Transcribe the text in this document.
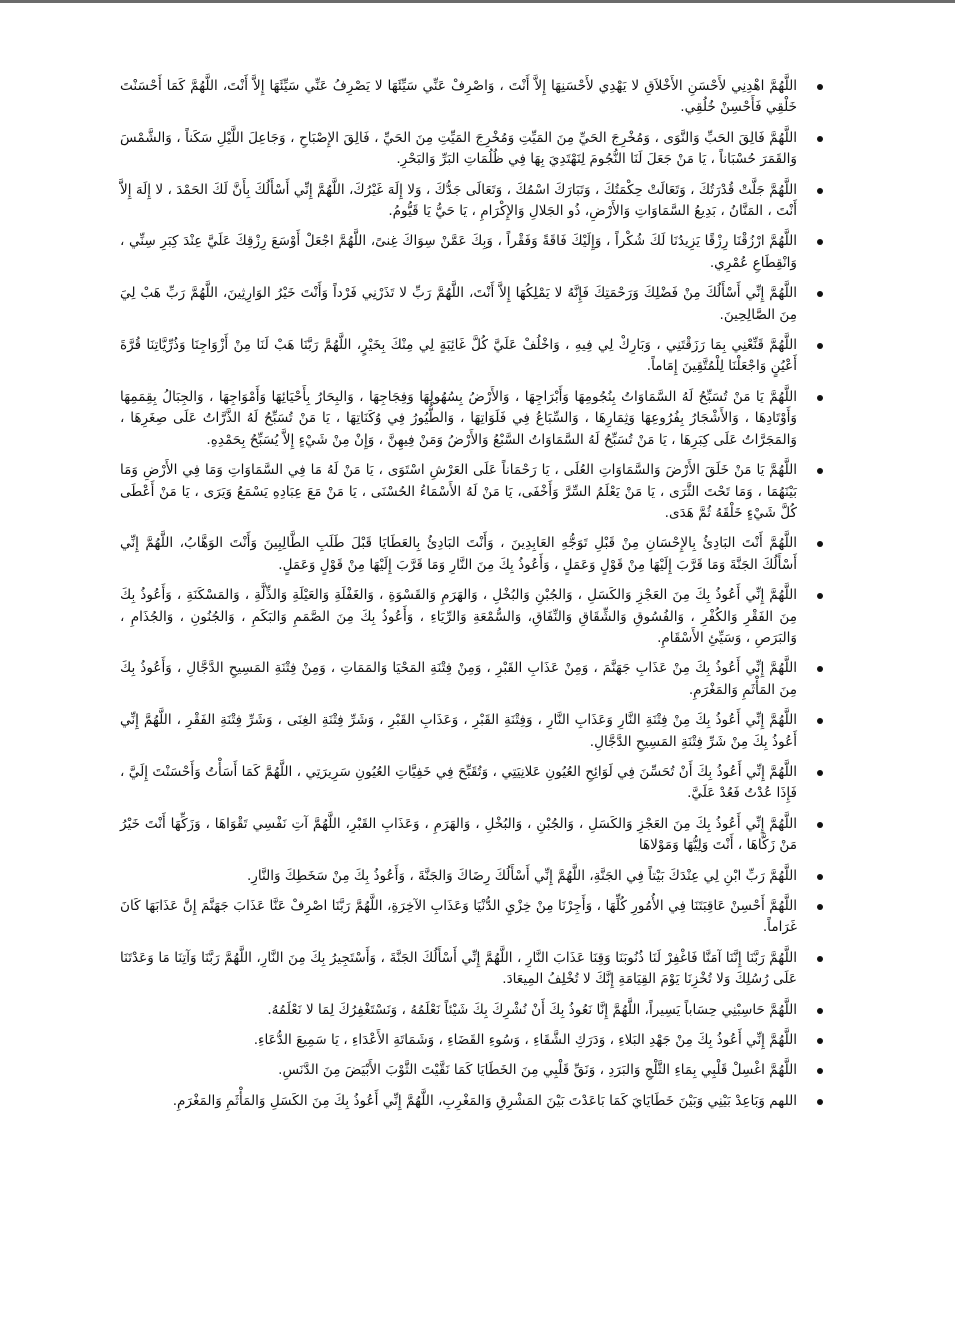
اللَّهُمَّ اهْدِنِي لأَحْسَنِ الأَخْلاَقِ لا يَهْدِي لأَحْسَنِهَا إِلاَّ أَنْتَ ، وَاصْرِفْ عَنِّي سَيِّئَهَا لا يَصْرِفُ عَنِّي سَيِّئَهَا إِلاَّ أَنْتَ، اللَّهُمَّ كَمَا أَحْسَنْتَ خَلْقِي فَأَحْسِنْ خُلُقِي.
اللَّهُمَّ فَالِقَ الحَبِّ وَالنَّوَى ، وَمُخْرِجَ الحَيِّ مِنَ المَيِّتِ وَمُخْرِجَ المَيِّتِ مِنَ الحَيِّ ، فَالِقَ الإِصْبَاحِ ، وَجَاعِلَ اللَّيْلِ سَكَناً ، وَالشَّمْسَ وَالقَمَرَ حُسْبَاناً ، يَا مَنْ جَعَلَ لَنَا النُّجُومَ لِنَهْتَدِيَ بِهَا فِي ظُلُمَاتِ البَرِّ وَالبَحْرِ.
اللَّهُمَّ جَلَّتْ قُدْرَتُكَ ، وَتَعَالَتْ حِكْمَتُكَ ، وَتَبَارَكَ اسْمُكَ ، وَتَعَالَى جَدُّكَ ، وَلا إِلَهَ غَيْرُكَ، اللَّهُمَّ إِنِّي أَسْأَلُكَ بِأَنَّ لَكَ الحَمْدَ ، لا إِلَهَ إِلاَّ أَنْتَ ، المَنَّانُ ، بَدِيعُ السَّمَاوَاتِ وَالأَرْضِ، ذُو الجَلالِ وَالإِكْرَامِ ، يَا حَيُّ يَا قَيُّومُ.
اللَّهُمَّ ارْزُقْنَا رِزْقًا يَزِيدُنَا لَكَ شُكْراً ، وَإِلَيْكَ فَاقَةً وَفَقْراً ، وَبِكَ عَمَّنْ سِوَاكَ غِنىً، اللَّهُمَّ اجْعَلْ أَوْسَعَ رِزْقِكَ عَلَيَّ عِنْدَ كِبَرِ سِنِّي ، وَانْقِطَاعِ عُمْرِي.
اللَّهُمَّ إِنِّي أَسْأَلُكَ مِنْ فَضْلِكَ وَرَحْمَتِكَ فَإِنَّهُ لا يَمْلِكُهَا إِلاَّ أَنْتَ، اللَّهُمَّ رَبِّ لا تَذَرْنِي فَرْداً وَأَنْتَ خَيْرُ الوَارِثِينَ، اللَّهُمَّ رَبِّ هَبْ لِيَ مِنَ الصَّالِحِينَ.
اللَّهُمَّ قَنِّعْنِي بِمَا رَزَقْتَنِي ، وَبَارِكْ لِي فِيهِ ، وَاخْلُفْ عَلَيَّ كُلَّ غَائِبَةٍ لِي مِنْكَ بِخَيْرٍ، اللَّهُمَّ رَبَّنَا هَبْ لَنَا مِنْ أَزْوَاجِنَا وَذُرِّيَّاتِنَا قُرَّةَ أَعْيُنٍ وَاجْعَلْنَا لِلْمُتَّقِينَ إِمَاماً.
اللَّهُمَّ يَا مَنْ تُسَبِّحُ لَهُ السَّمَاوَاتُ بِنُجُومِهَا وَأَبْرَاجِهَا ، وَالأَرْضُ بِسُهُولِهَا وَفِجَاجِهَا ، وَالبِحَارُ بِأَحْيَائِهَا وَأَمْوَاجِهَا ، وَالجِبَالُ بِقِمَمِهَا وَأَوْتَادِهَا ، وَالأَشْجَارُ بِفُرُوعِهَا وَثِمَارِهَا ، وَالسِّبَاعُ فِي فَلَوَاتِهَا ، وَالطُّيُورُ فِي وُكَنَاتِهَا ، يَا مَنْ تُسَبِّحُ لَهُ الذَّرَّاتُ عَلَى صِغَرِهَا ، وَالمَجَرَّاتُ عَلَى كِبَرِهَا ، يَا مَنْ تُسَبِّحُ لَهُ السَّمَاوَاتُ السَّبْعُ وَالأَرْضُ وَمَنْ فِيهِنَّ ، وَإِنْ مِنْ شَيْءٍ إِلاَّ يُسَبِّحُ بِحَمْدِهِ.
اللَّهُمَّ يَا مَنْ خَلَقَ الأَرْضَ وَالسَّمَاوَاتِ العُلَى ، يَا رَحْمَاناً عَلَى العَرْشِ اسْتَوَى ، يَا مَنْ لَهُ مَا فِي السَّمَاوَاتِ وَمَا فِي الأَرْضِ وَمَا بَيْنَهُمَا ، وَمَا تَحْتَ الثَّرَى ، يَا مَنْ يَعْلَمُ السِّرَّ وَأَخْفَى، يَا مَنْ لَهُ الأَسْمَاءُ الحُسْنَى ، يَا مَنْ مَعَ عِبَادِهِ يَسْمَعُ وَيَرَى ، يَا مَنْ أَعْطَى كُلَّ شَيْءٍ خَلْقَهُ ثُمَّ هَدَى.
اللَّهُمَّ أَنْتَ البَادِئُ بِالإِحْسَانِ مِنْ قَبْلِ تَوَجُّهِ العَابِدِينَ ، وَأَنْتَ البَادِئُ بِالعَطَايَا قَبْلَ طَلَبِ الطَّالِبِينَ وَأَنْتَ الوَهَّابُ، اللَّهُمَّ إِنِّي أَسْأَلُكَ الجَنَّةَ وَمَا قَرَّبَ إِلَيْهَا مِنْ قَوْلٍ وَعَمَلٍ ، وَأَعُوذُ بِكَ مِنَ النَّارِ وَمَا قَرَّبَ إِلَيْهَا مِنْ قَوْلٍ وَعَمَلٍ.
اللَّهُمَّ إِنِّي أَعُوذُ بِكَ مِنَ العَجْزِ وَالكَسَلِ ، وَالجُبْنِ وَالبُخْلِ ، وَالهَرَمِ وَالقَسْوَةِ ، وَالغَفْلَةِ وَالعَيْلَةِ وَالذِّلَّةِ ، وَالمَسْكَنَةِ ، وَأَعُوذُ بِكَ مِنَ الفَقْرِ وَالكُفْرِ ، وَالفُسُوقِ وَالشِّقَاقِ وَالنِّفَاقِ، وَالسُّمْعَةِ وَالرِّيَاءِ ، وَأَعُوذُ بِكَ مِنَ الصَّمَمِ وَالبَكَمِ ، وَالجُنُونِ ، وَالجُذَامِ ، وَالبَرَصِ ، وَسَيِّئِ الأَسْقَامِ.
اللَّهُمَّ إِنِّي أَعُوذُ بِكَ مِنْ عَذَابِ جَهَنَّمَ ، وَمِنْ عَذَابِ القَبْرِ ، وَمِنْ فِتْنَةِ المَحْيَا وَالمَمَاتِ ، وَمِنْ فِتْنَةِ المَسِيحِ الدَّجَّالِ ، وَأَعُوذُ بِكَ مِنَ المَأْثَمِ وَالمَغْرَمِ.
اللَّهُمَّ إِنِّي أَعُوذُ بِكَ مِنْ فِتْنَةِ النَّارِ وَعَذَابِ النَّارِ ، وَفِتْنَةِ القَبْرِ ، وَعَذَابِ القَبْرِ ، وَشَرِّ فِتْنَةِ الغِنَى ، وَشَرِّ فِتْنَةِ الفَقْرِ ، اللَّهُمَّ إِنِّي أَعُوذُ بِكَ مِنْ شَرِّ فِتْنَةِ المَسِيحِ الدَّجَّالِ.
اللَّهُمَّ إِنِّي أَعُوذُ بِكَ أَنْ تُحَسِّنَ فِي لَوَائِحِ العُيُونِ عَلانِيَتِي ، وَتُقَبِّحَ فِي خَفِيَّاتِ العُيُونِ سَرِيرَتِي ، اللَّهُمَّ كَمَا أَسَأْتُ وَأَحْسَنْتَ إِلَيَّ ، فَإِذَا عُدْتُ فَعُدْ عَلَيَّ.
اللَّهُمَّ إِنِّي أَعُوذُ بِكَ مِنَ العَجْزِ وَالكَسَلِ ، وَالجُبْنِ ، وَالبُخْلِ ، وَالهَرَمِ ، وَعَذَابِ القَبْرِ، اللَّهُمَّ آتِ نَفْسِي تَقْوَاهَا ، وَزَكِّهَا أَنْتَ خَيْرُ مَنْ زَكَّاهَا ، أَنْتَ وَلِيُّهَا وَمَوْلاهَا
اللَّهُمَّ رَبِّ ابْنِ لِي عِنْدَكَ بَيْتاً فِي الجَنَّةِ، اللَّهُمَّ إِنِّي أَسْأَلُكَ رِضَاكَ وَالجَنَّةَ ، وَأَعُوذُ بِكَ مِنْ سَخَطِكَ وَالنَّارِ.
اللَّهُمَّ أَحْسِنْ عَاقِبَتَنَا فِي الأُمُورِ كُلِّهَا ، وَأَجِرْنَا مِنْ خِزْيِ الدُّنْيَا وَعَذَابِ الآخِرَةِ، اللَّهُمَّ رَبَّنَا اصْرِفْ عَنَّا عَذَابَ جَهَنَّمَ إِنَّ عَذَابَهَا كَانَ غَرَاماً.
اللَّهُمَّ رَبَّنَا إِنَّنَا آمَنَّا فَاغْفِرْ لَنَا ذُنُوبَنَا وَقِنَا عَذَابَ النَّارِ ، اللَّهُمَّ إِنِّي أَسْأَلُكَ الجَنَّةَ ، وَأَسْتَجِيرُ بِكَ مِنَ النَّارِ، اللَّهُمَّ رَبَّنَا وَآتِنَا مَا وَعَدْتَنَا عَلَى رُسُلِكَ وَلا تُخْزِنَا يَوْمَ القِيَامَةِ إِنَّكَ لا تُخْلِفُ المِيعَادَ.
اللَّهُمَّ حَاسِبْنِي حِسَاباً يَسِيراً، اللَّهُمَّ إِنَّا نَعُوذُ بِكَ أَنْ نُشْرِكَ بِكَ شَيْئاً نَعْلَمُهُ ، وَنَسْتَغْفِرُكَ لِمَا لا نَعْلَمُهُ.
اللَّهُمَّ إِنِّي أَعُوذُ بِكَ مِنْ جَهْدِ البَلاءِ ، وَدَرَكِ الشَّقَاءِ ، وَسُوءِ القَضَاءِ ، وَشَمَاتَةِ الأَعْدَاءِ ، يَا سَمِيعَ الدُّعَاءِ.
اللَّهُمَّ اغْسِلْ قَلْبِي بِمَاءِ الثَّلْجِ وَالبَرَدِ ، وَنَقِّ قَلْبِي مِنَ الخَطَايَا كَمَا نَقَّيْتَ الثَّوْبَ الأَبْيَضَ مِنَ الدَّنَسِ.
اللهم وَبَاعِدْ بَيْنِي وَبَيْنَ خَطَايَايَ كَمَا بَاعَدْتَ بَيْنَ المَشْرِقِ وَالمَغْرِبِ، اللَّهُمَّ إِنِّي أَعُوذُ بِكَ مِنَ الكَسَلِ وَالمَأْثَمِ وَالمَغْرَمِ.
